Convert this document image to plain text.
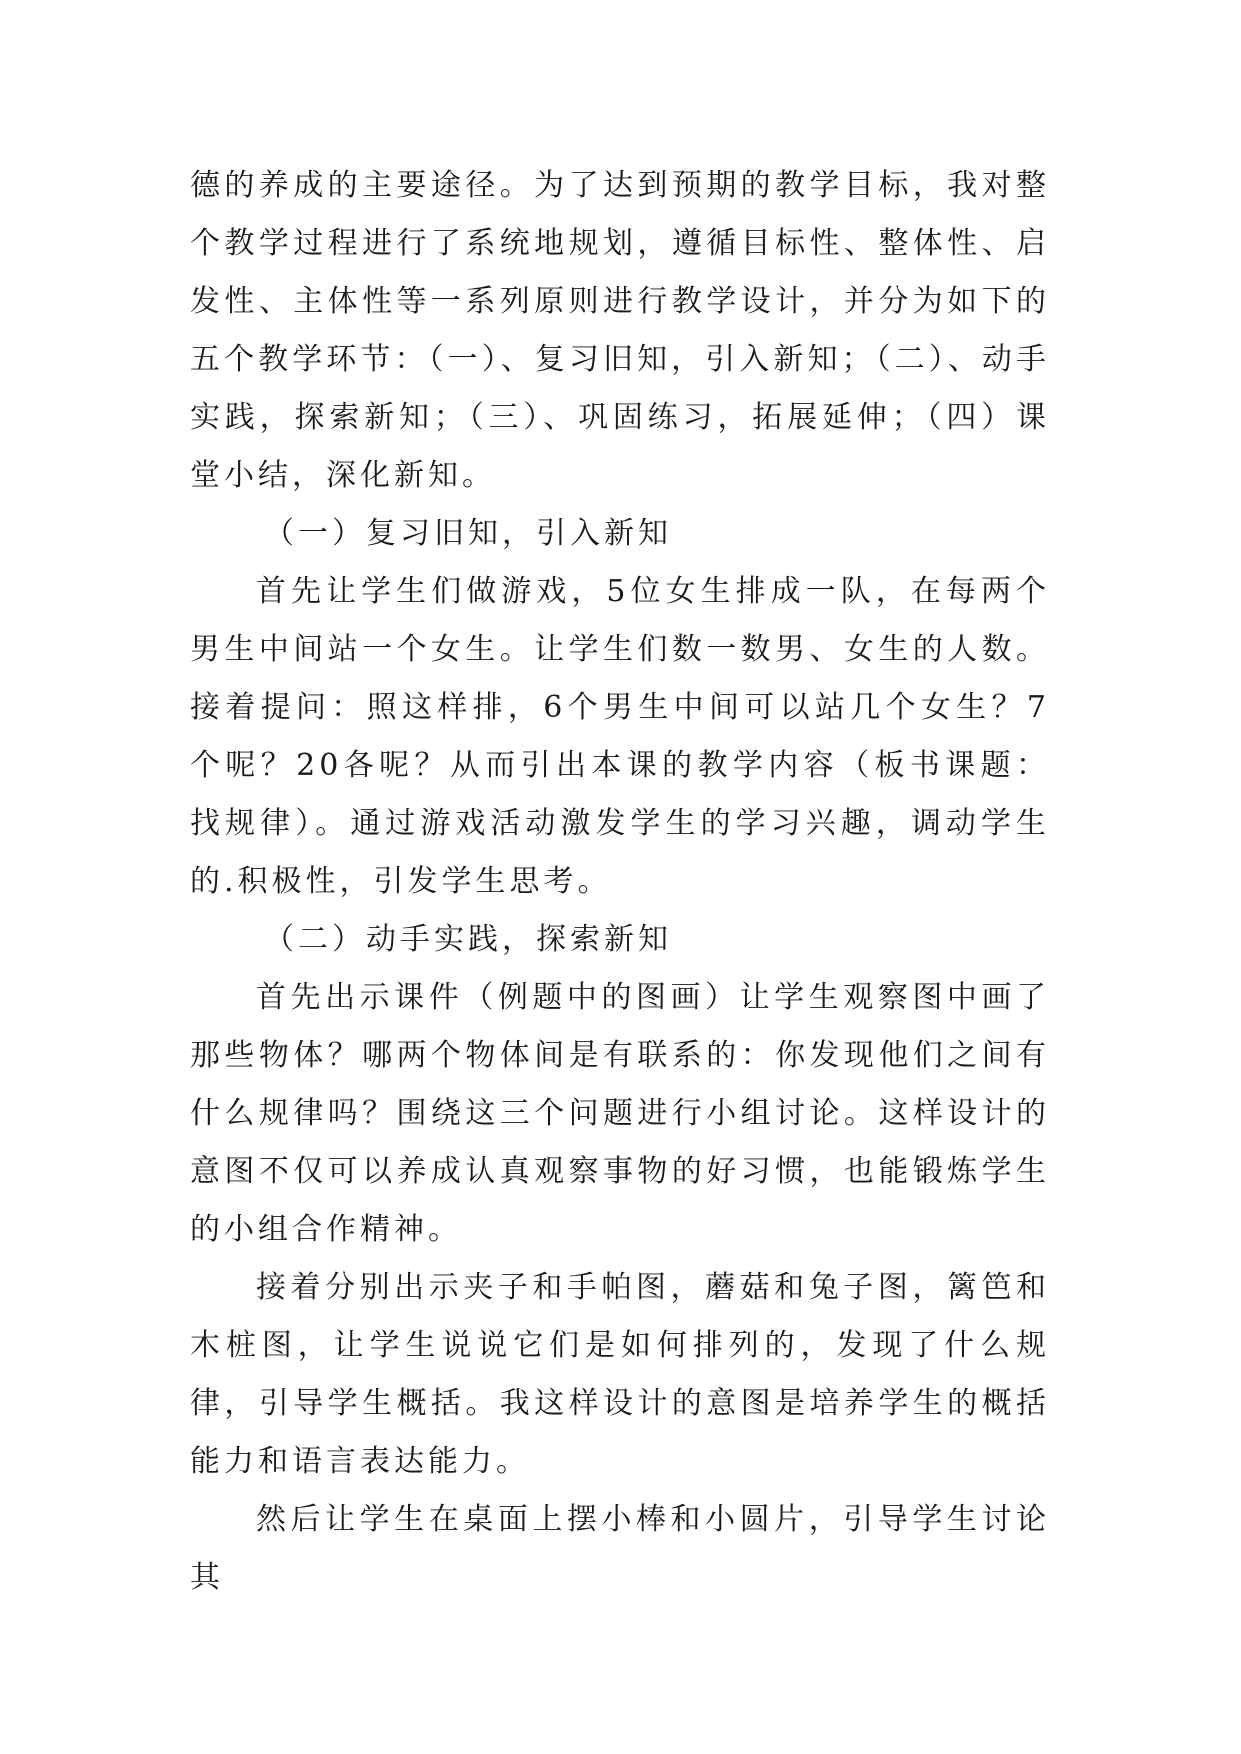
德的养成的主要途径。为了达到预期的教学目标，我对整个教学过程进行了系统地规划，遵循目标性、整体性、启发性、主体性等一系列原则进行教学设计，并分为如下的五个教学环节：（一）、复习旧知，引入新知；（二）、动手实践，探索新知；（三）、巩固练习，拓展延伸；（四）课堂小结，深化新知。

（一）复习旧知，引入新知

首先让学生们做游戏，5位女生排成一队，在每两个男生中间站一个女生。让学生们数一数男、女生的人数。接着提问：照这样排，6个男生中间可以站几个女生？7个呢？20各呢？从而引出本课的教学内容（板书课题：找规律）。通过游戏活动激发学生的学习兴趣，调动学生的.积极性，引发学生思考。

（二）动手实践，探索新知

首先出示课件（例题中的图画）让学生观察图中画了那些物体？哪两个物体间是有联系的：你发现他们之间有什么规律吗？围绕这三个问题进行小组讨论。这样设计的意图不仅可以养成认真观察事物的好习惯，也能锻炼学生的小组合作精神。

接着分别出示夹子和手帕图，蘑菇和兔子图，篱笆和木桩图，让学生说说它们是如何排列的，发现了什么规律，引导学生概括。我这样设计的意图是培养学生的概括能力和语言表达能力。

然后让学生在桌面上摆小棒和小圆片，引导学生讨论其
